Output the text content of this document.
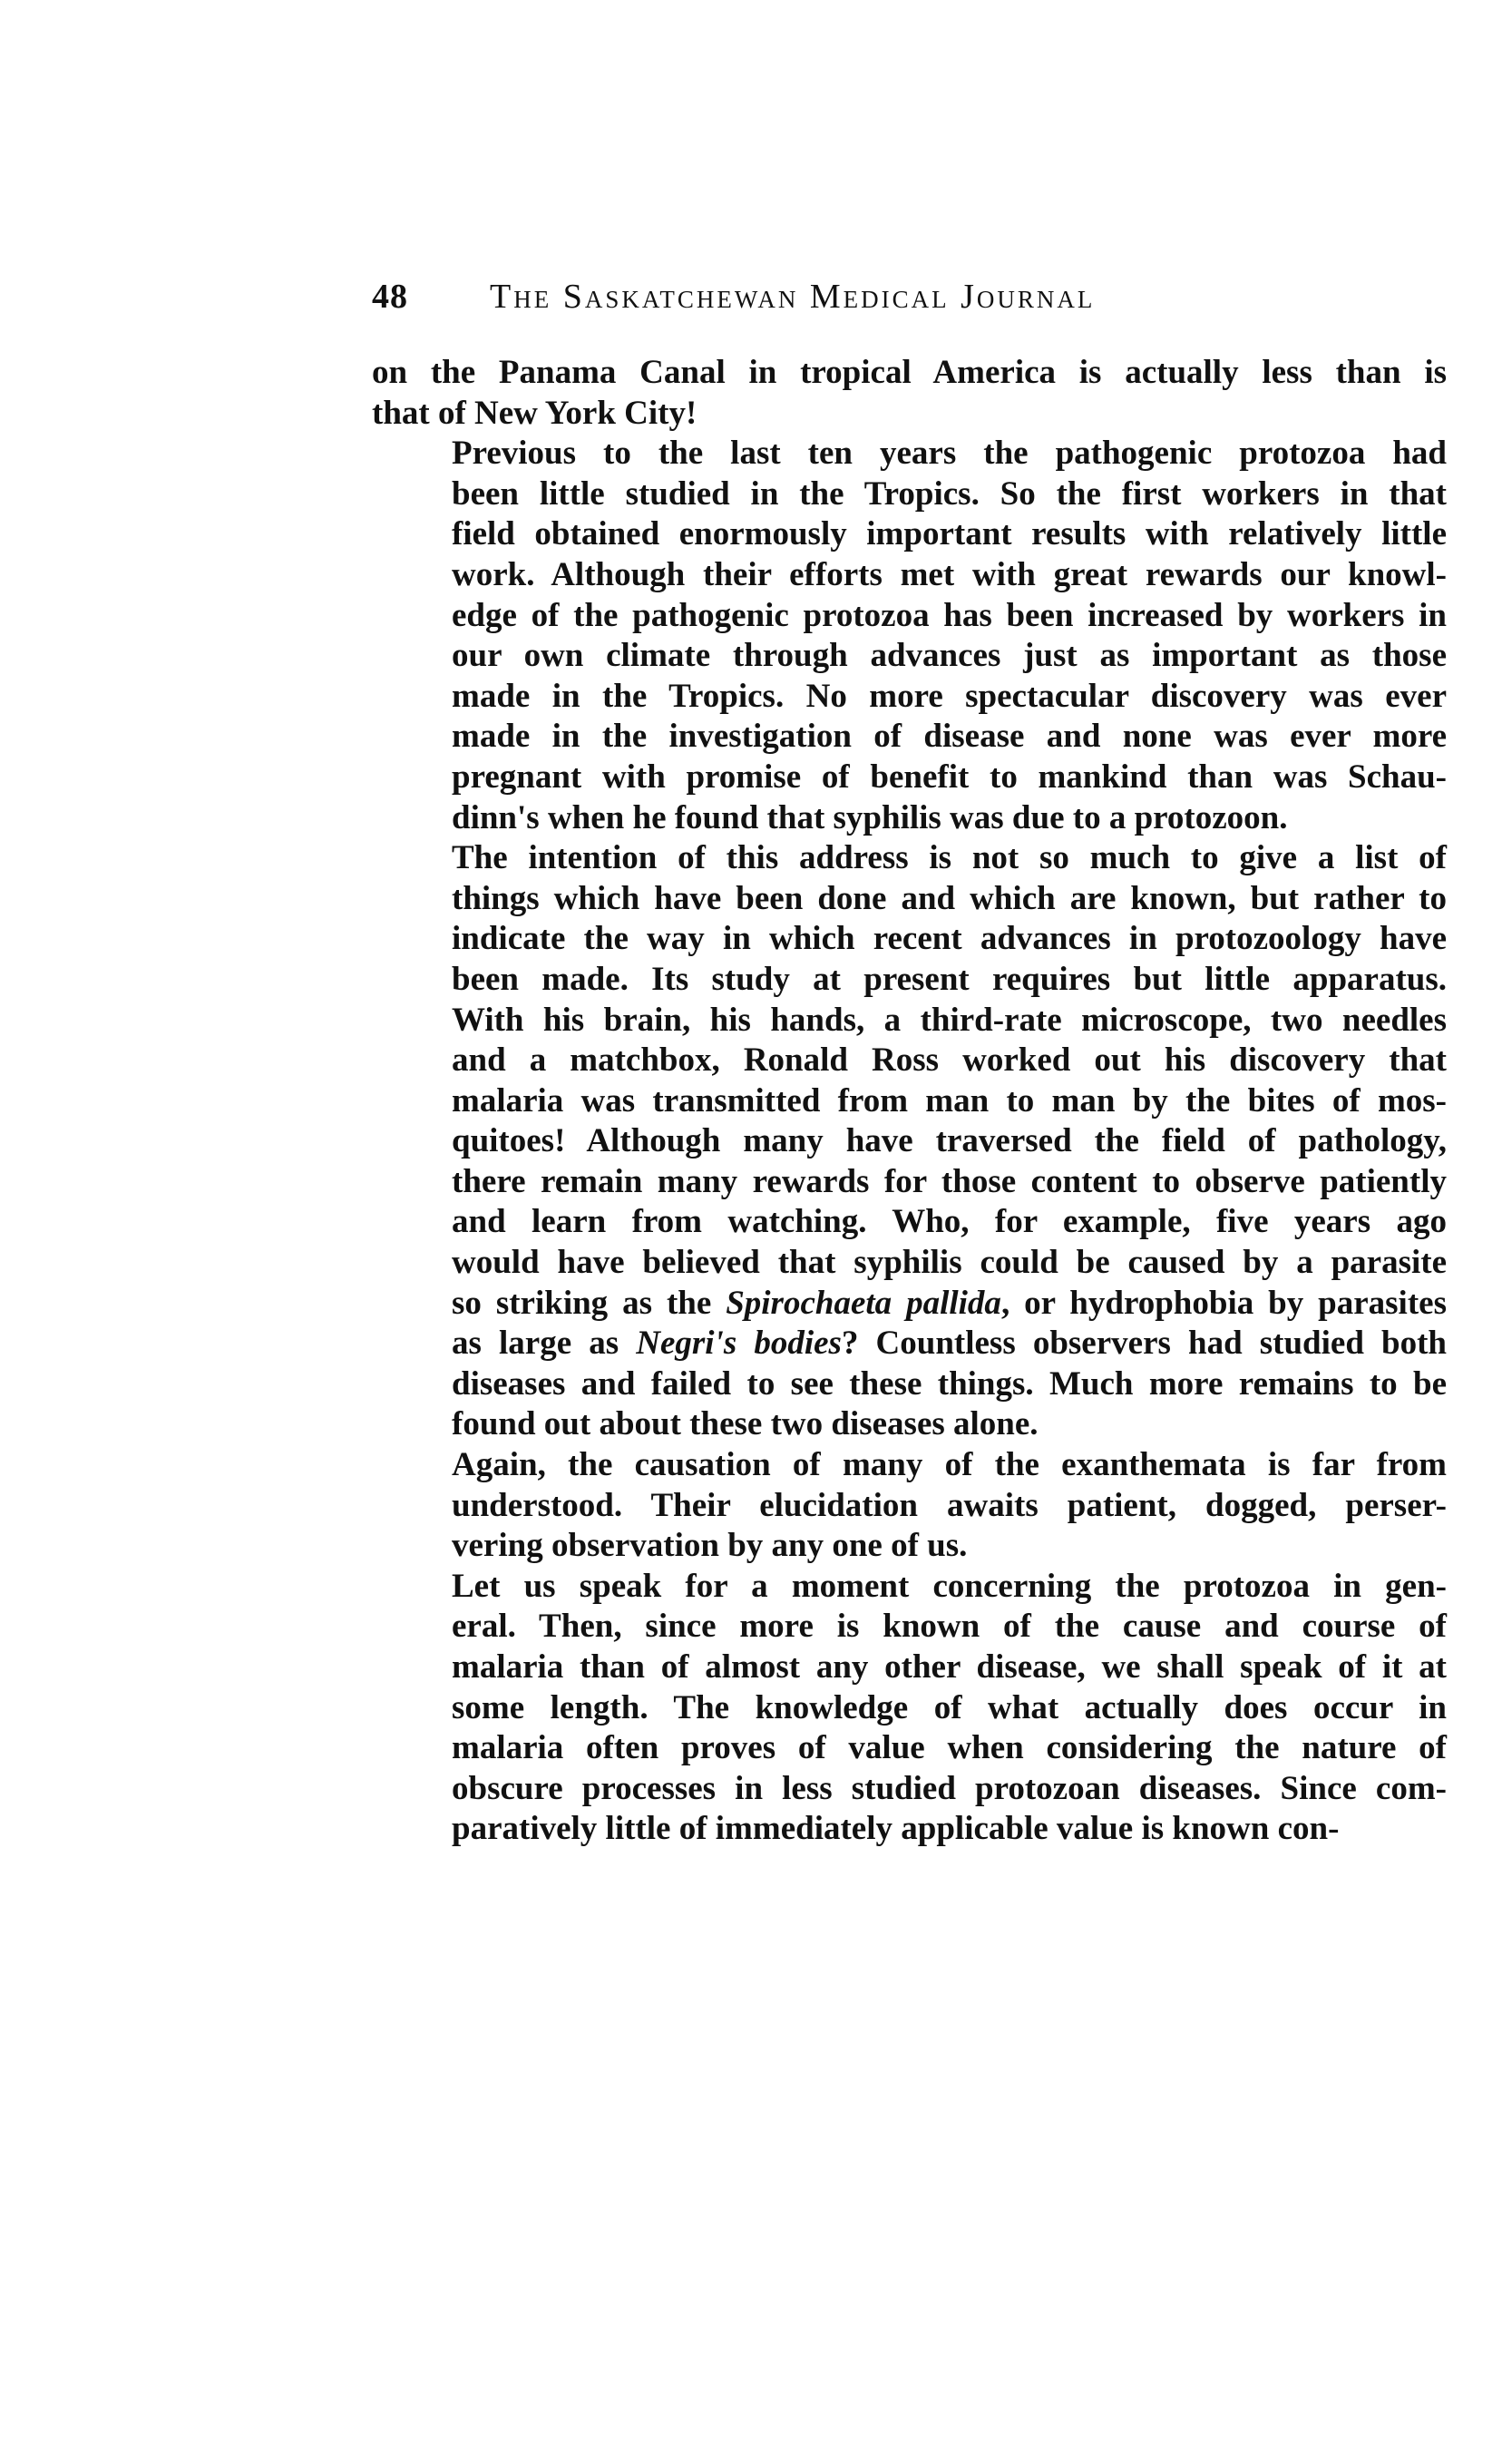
48	The Saskatchewan Medical Journal
on the Panama Canal in tropical America is actually less than is
that of New York City!
Previous to the last ten years the pathogenic protozoa had
been little studied in the Tropics. So the first workers in that
field obtained enormously important results with relatively little
work. Although their efforts met with great rewards our knowl-
edge of the pathogenic protozoa has been increased by workers in
our own climate through advances just as important as those
made in the Tropics. No more spectacular discovery was ever
made in the investigation of disease and none was ever more
pregnant with promise of benefit to mankind than was Schau-
dinn's when he found that syphilis was due to a protozoon.
The intention of this address is not so much to give a list of
things which have been done and which are known, but rather to
indicate the way in which recent advances in protozoology have
been made. Its study at present requires but little apparatus.
With his brain, his hands, a third-rate microscope, two needles
and a matchbox, Ronald Ross worked out his discovery that
malaria was transmitted from man to man by the bites of mos-
quitoes! Although many have traversed the field of pathology,
there remain many rewards for those content to observe patiently
and learn from watching. Who, for example, five years ago
would have believed that syphilis could be caused by a parasite
so striking as the Spirochaeta pallida, or hydrophobia by parasites
as large as Negri's bodies? Countless observers had studied both
diseases and failed to see these things. Much more remains to be
found out about these two diseases alone.
Again, the causation of many of the exanthemata is far from
understood. Their elucidation awaits patient, dogged, perser-
vering observation by any one of us.
Let us speak for a moment concerning the protozoa in gen-
eral. Then, since more is known of the cause and course of
malaria than of almost any other disease, we shall speak of it at
some length. The knowledge of what actually does occur in
malaria often proves of value when considering the nature of
obscure processes in less studied protozoan diseases. Since com-
paratively little of immediately applicable value is known con-
